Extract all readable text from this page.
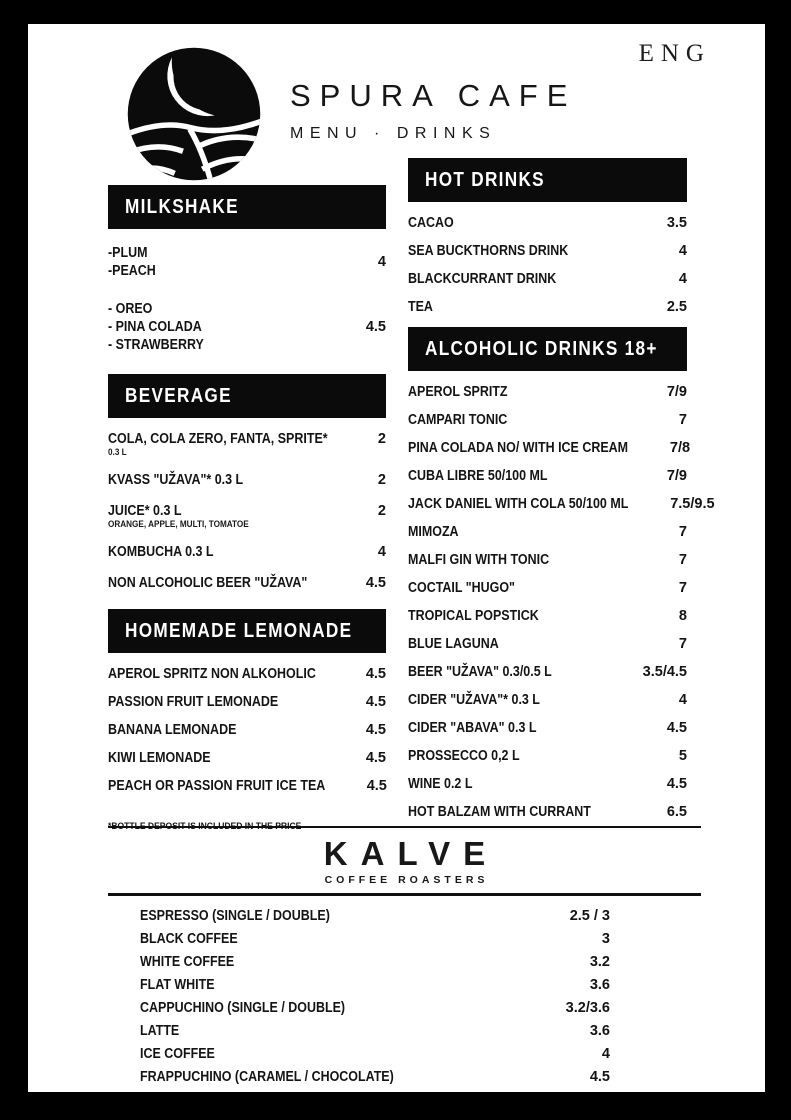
SPURA CAFE
MENU · DRINKS
ENG
MILKSHAKE
-PLUM
-PEACH
4
- OREO
- PINA COLADA
- STRAWBERRY
4.5
BEVERAGE
COLA, COLA ZERO, FANTA, SPRITE*
0.3 L
2
KVASS "UŽAVA"* 0.3 L	2
JUICE* 0.3 L
ORANGE, APPLE, MULTI, TOMATOE
2
KOMBUCHA 0.3 L	4
NON ALCOHOLIC BEER "UŽAVA"	4.5
HOMEMADE LEMONADE
APEROL SPRITZ NON ALKOHOLIC	4.5
PASSION FRUIT LEMONADE	4.5
BANANA LEMONADE	4.5
KIWI LEMONADE	4.5
PEACH OR PASSION FRUIT ICE TEA	4.5
HOT DRINKS
CACAO	3.5
SEA BUCKTHORNS DRINK	4
BLACKCURRANT DRINK	4
TEA	2.5
ALCOHOLIC DRINKS 18+
APEROL SPRITZ	7/9
CAMPARI TONIC	7
PINA COLADA NO/ WITH ICE CREAM	7/8
CUBA LIBRE 50/100 ML	7/9
JACK DANIEL WITH COLA 50/100 ML	7.5/9.5
MIMOZA	7
MALFI GIN WITH TONIC	7
COCTAIL "HUGO"	7
TROPICAL POPSTICK	8
BLUE LAGUNA	7
BEER "UŽAVA" 0.3/0.5 L	3.5/4.5
CIDER "UŽAVA"* 0.3 L	4
CIDER "ABAVA" 0.3 L	4.5
PROSSECCO 0,2 L	5
WINE 0.2 L	4.5
HOT BALZAM WITH CURRANT	6.5
KALVE
COFFEE ROASTERS
ESPRESSO (SINGLE / DOUBLE)	2.5 / 3
BLACK COFFEE	3
WHITE COFFEE	3.2
FLAT WHITE	3.6
CAPPUCHINO (SINGLE / DOUBLE)	3.2/3.6
LATTE	3.6
ICE COFFEE	4
FRAPPUCHINO (CARAMEL / CHOCOLATE)	4.5
